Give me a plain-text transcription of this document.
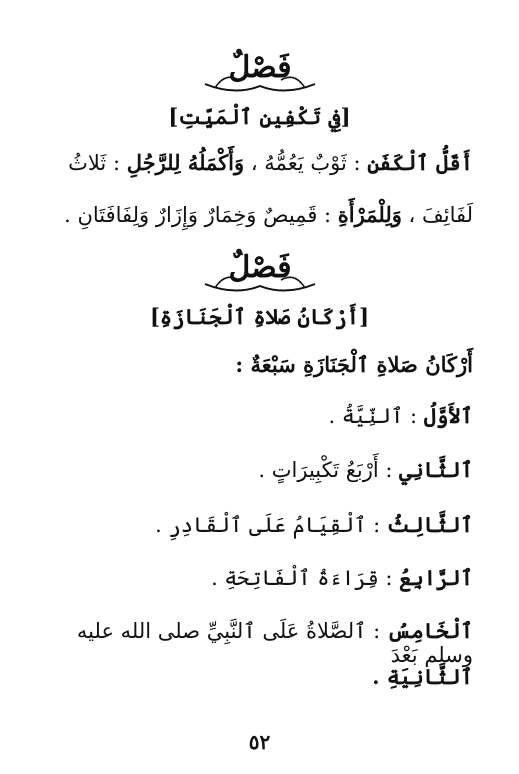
فَصْلٌ
[فِي تَكْفِينِ ٱلْمَيِّتِ]
أَقَلُّ ٱلْكَفَنِ : ثَوْبٌ يَعُمُّهُ ، وَأَكْمَلُهُ لِلرَّجُلِ : ثَلاثُ
لَفَائِفَ ، وَلِلْمَرْأَةِ : قَمِيصٌ وَخِمَارٌ وَإِزَارٌ وَلِفَافَتَانِ .
فَصْلٌ
[أَرْكَانُ صَلاةِ ٱلْجَنَازَةِ]
أَرْكَانُ صَلاةِ ٱلْجَنَازَةِ سَبْعَةٌ :
ٱلأَوَّلُ : ٱلنِّيَّةُ .
ٱلثَّانِي : أَرْبَعُ تَكْبِيرَاتٍ .
ٱلثَّالِثُ : ٱلْقِيَامُ عَلَى ٱلْقَادِرِ .
ٱلرَّابِعُ : قِرَاءَةُ ٱلْفَاتِحَةِ .
ٱلْخَامِسُ : ٱلصَّلاةُ عَلَى ٱلنَّبِيِّ صلى الله عليه وسلم بَعْدَ
ٱلثَّانِيَةِ .
٥٢
